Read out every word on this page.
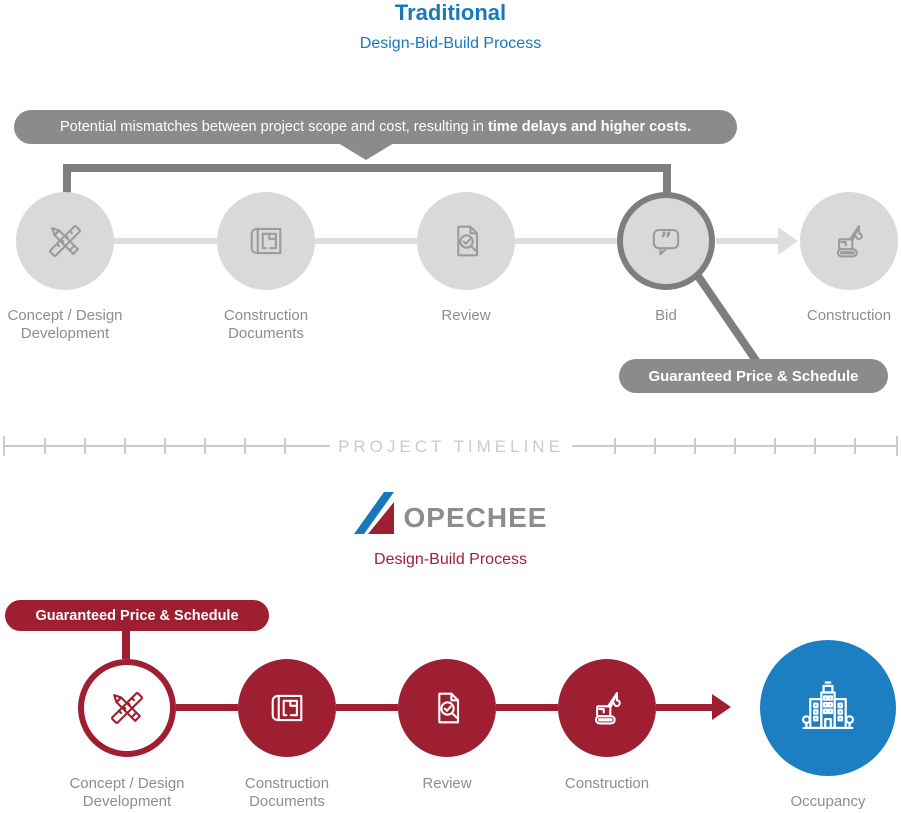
Traditional
Design-Bid-Build Process
Potential mismatches between project scope and cost, resulting in time delays and higher costs.
Concept / Design Development
Construction Documents
Review	Bid	Construction
Guaranteed Price & Schedule
PROJECT TIMELINE
OPECHEE
Design-Build Process
Guaranteed Price & Schedule
Concept / Design Development
Construction Documents
Review	Construction
Occupancy
